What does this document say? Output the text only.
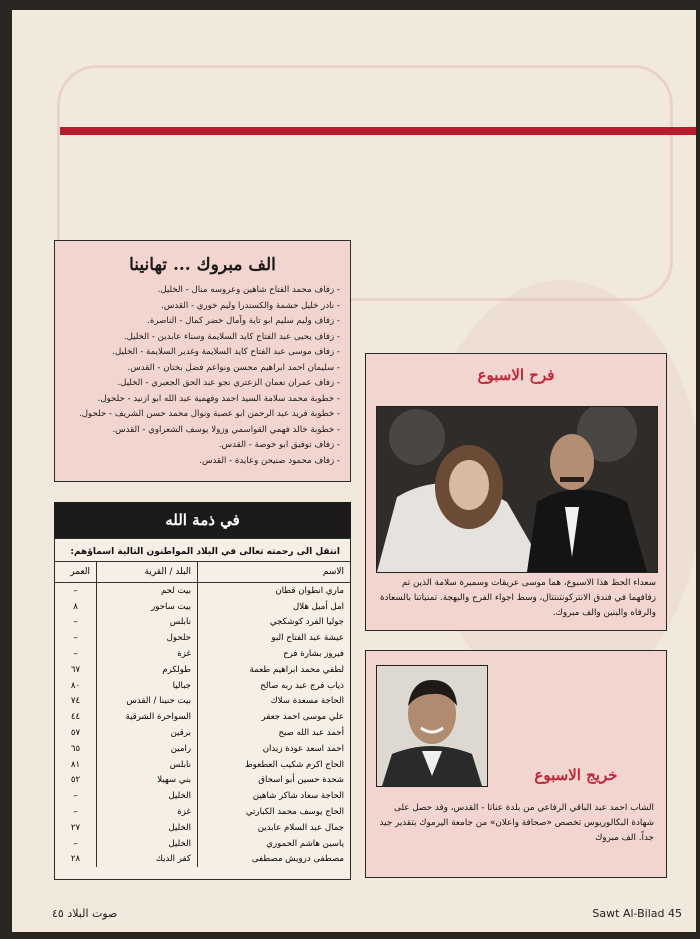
الف مبروك ... تهانينا
- زفاف محمد الفتاح شاهين وعروسه منال - الخليل.
- نادر خليل حشمة والكسندرا وليم خوري - القدس.
- زفاف وليم سليم ابو تاية وآمال خضر كمال - الناصرة.
- زفاف يحيى عبد الفتاح كايد السلايمة وسناء عابدين - الخليل.
- زفاف موسى عبد الفتاح كايد السلايمة وغدير السلايمة - الخليل.
- سليمان احمد ابراهيم محسن ونواعم فضل بختان - القدس.
- زفاف عمران نعمان الزعتري نجو عبد الحق الجعبري - الخليل.
- خطوبة محمد سلامة السيد احمد وفهمية عبد الله ابو ازنيد - حلحول.
- خطوبة فريد عبد الرحمن ابو عصبة ونوال محمد حسن الشريف - حلحول.
- خطوبة خالد فهمي القواسمي وزولا يوسف الشعراوي - القدس.
- زفاف توفيق ابو خوصة - القدس.
- زفاف محمود صنيحن وعايدة - القدس.
في ذمة الله
انتقل الى رحمته تعالى في البلاد المواطنون التالية اسماؤهم:
الاسم	البلد / القرية	العمر
ماري انطوان قطان	بيت لحم	–
امل أميل هلال	بيت ساحور	٨
جوليا الفرد كوشكجي	نابلس	–
عيشة عبد الفتاح البو	حلحول	–
فيروز بشارة فرح	غزة	–
لطفي محمد ابراهيم طعمة	طولكرم	٦٧
ذياب فرج عبد ربه صالح	جباليا	٨٠
الحاجة مسعدة سلاك	بيت حنينا / القدس	٧٤
علي موسى احمد جعفر	السواحرة الشرقية	٤٤
أحمد عبد الله صبح	برقين	٥٧
احمد اسعد عودة زيدان	رامين	٦٥
الحاج اكرم شكيب العطعوط	نابلس	٨١
شحدة حسين أبو اسحاق	بني سهيلا	٥٢
الحاجة سعاد شاكر شاهين	الخليل	–
الحاج يوسف محمد الكبارتي	غزة	–
جمال عبد السلام عابدين	الخليل	٢٧
ياسين هاشم الحموري	الخليل	–
مصطفى درويش مصطفى	كفر الديك	٢٨
فرح الاسبوع

سعداء الحظ هذا الاسبوع، هما موسى عريقات وسميرة سلامة الذين تم زفافهما في فندق الانتركونتننتال، وسط اجواء الفرح والبهجة. تمنياتنا بالسعادة والرفاه والبنين والف مبروك.

خريج الاسبوع

الشاب احمد عبد الباقي الرفاعي من بلدة عناتا - القدس، وقد حصل على شهادة البكالوريوس تخصص «صحافة واعلان» من جامعة اليرموك بتقدير جيد جداً. الف مبروك

صوت البلاد ٤٥	Sawt Al-Bilad 45
